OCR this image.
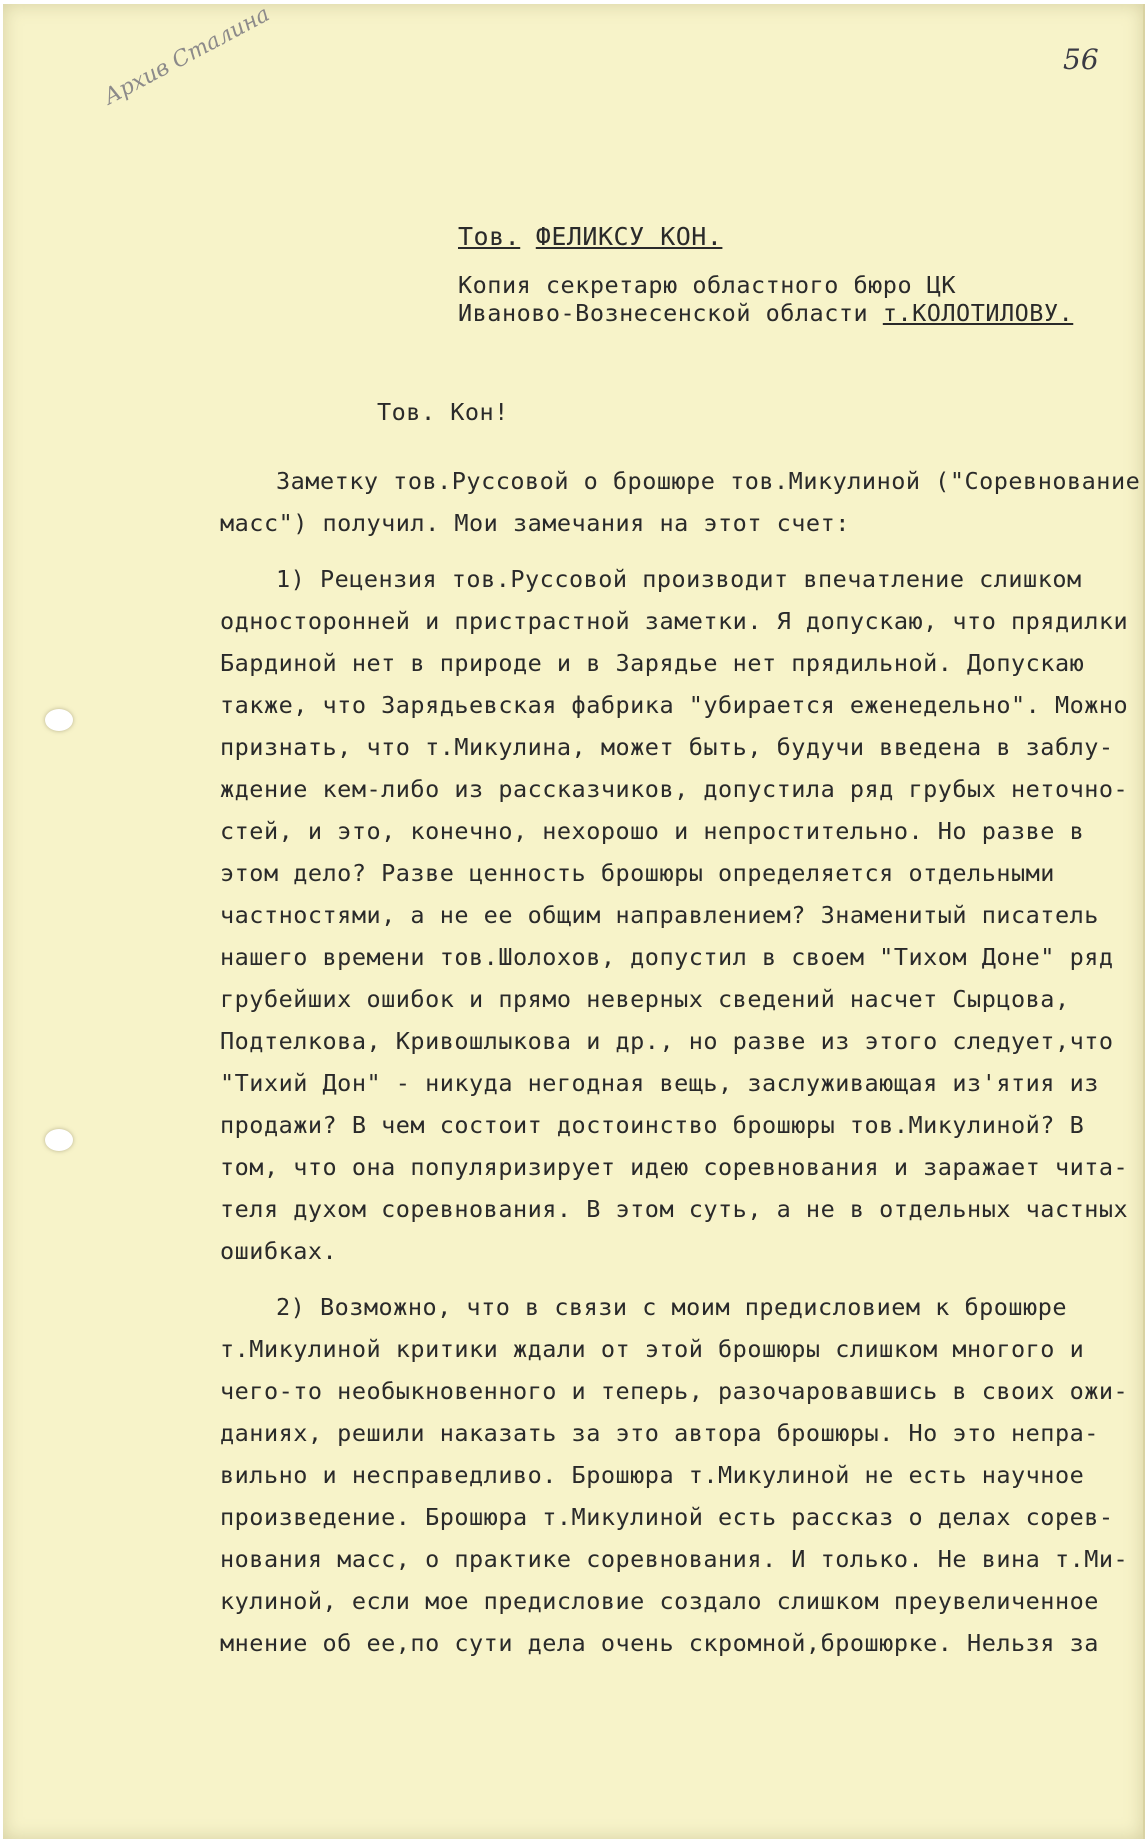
56
Архив Сталина

Тов. ФЕЛИКСУ КОН.

Копия секретарю областного бюро ЦК

Иваново-Вознесенской области т.КОЛОТИЛОВУ.

Тов. Кон!

Заметку тов.Руссовой о брошюре тов.Микулиной ("Соревнование
масс") получил. Мои замечания на этот счет:

1) Рецензия тов.Руссовой производит впечатление слишком
односторонней и пристрастной заметки. Я допускаю, что прядилки
Бардиной нет в природе и в Зарядье нет прядильной. Допускаю
также, что Зарядьевская фабрика "убирается еженедельно". Можно
признать, что т.Микулина, может быть, будучи введена в заблу-
ждение кем-либо из рассказчиков, допустила ряд грубых неточно-
стей, и это, конечно, нехорошо и непростительно. Но разве в
этом дело? Разве ценность брошюры определяется отдельными
частностями, а не ее общим направлением? Знаменитый писатель
нашего времени тов.Шолохов, допустил в своем "Тихом Доне" ряд
грубейших ошибок и прямо неверных сведений насчет Сырцова,
Подтелкова, Кривошлыкова и др., но разве из этого следует,что
"Тихий Дон" - никуда негодная вещь, заслуживающая из'ятия из
продажи? В чем состоит достоинство брошюры тов.Микулиной? В
том, что она популяризирует идею соревнования и заражает чита-
теля духом соревнования. В этом суть, а не в отдельных частных
ошибках.

2) Возможно, что в связи с моим предисловием к брошюре
т.Микулиной критики ждали от этой брошюры слишком многого и
чего-то необыкновенного и теперь, разочаровавшись в своих ожи-
даниях, решили наказать за это автора брошюры. Но это непра-
вильно и несправедливо. Брошюра т.Микулиной не есть научное
произведение. Брошюра т.Микулиной есть рассказ о делах сорев-
нования масс, о практике соревнования. И только. Не вина т.Ми-
кулиной, если мое предисловие создало слишком преувеличенное
мнение об ее,по сути дела очень скромной,брошюрке. Нельзя за
